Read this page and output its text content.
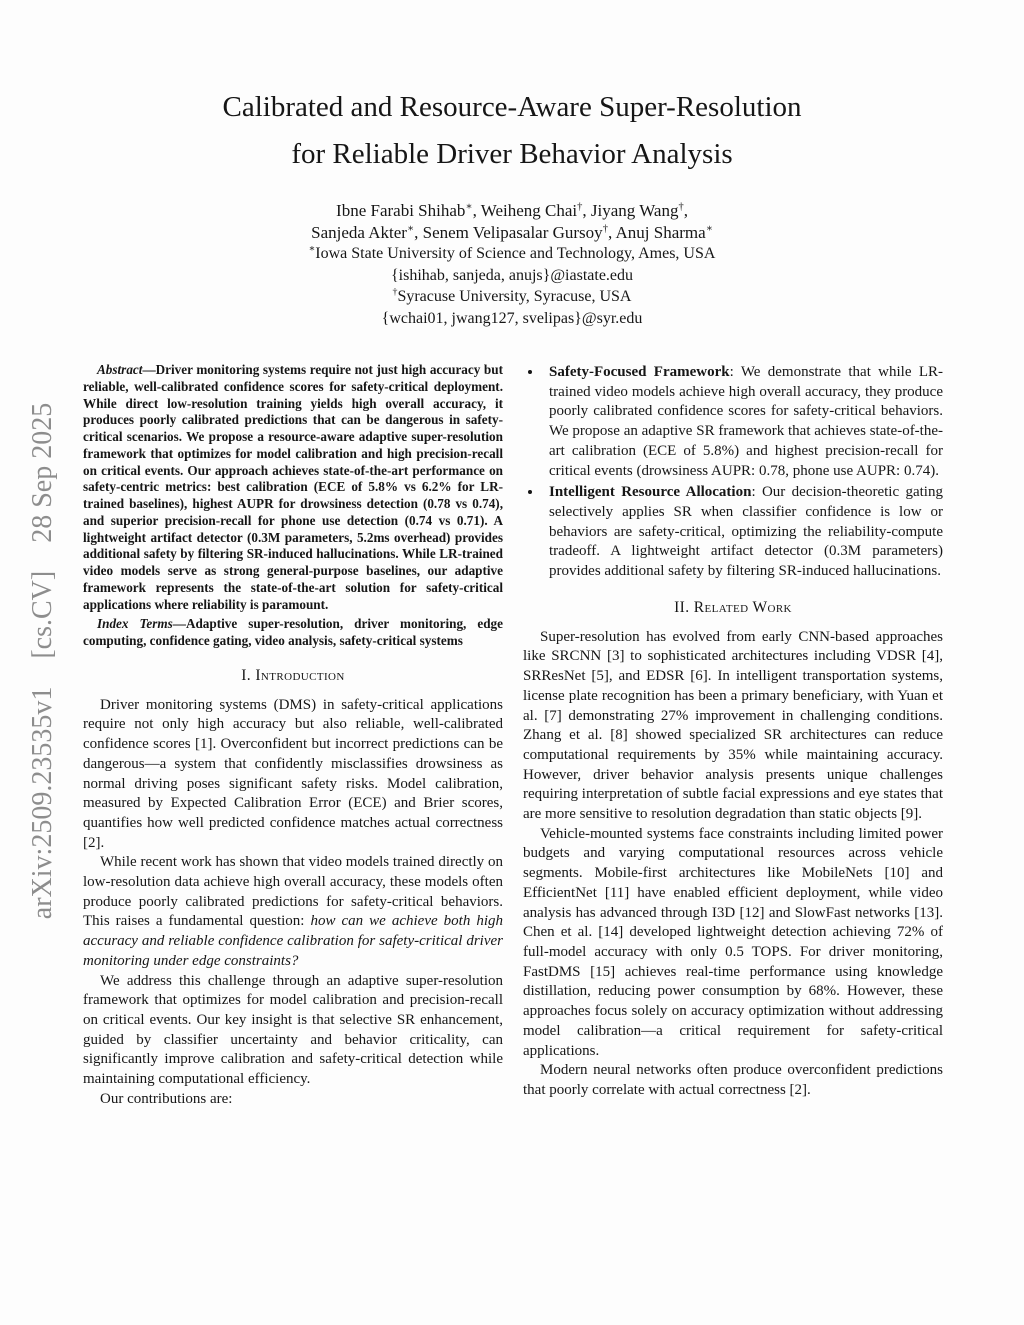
arXiv:2509.23535v1  [cs.CV]  28 Sep 2025
Calibrated and Resource-Aware Super-Resolution
for Reliable Driver Behavior Analysis
Ibne Farabi Shihab∗, Weiheng Chai†, Jiyang Wang†,
Sanjeda Akter∗, Senem Velipasalar Gursoy†, Anuj Sharma∗
∗Iowa State University of Science and Technology, Ames, USA
{ishihab, sanjeda, anujs}@iastate.edu
†Syracuse University, Syracuse, USA
{wchai01, jwang127, svelipas}@syr.edu

Abstract—Driver monitoring systems require not just high accuracy but reliable, well-calibrated confidence scores for safety-critical deployment. While direct low-resolution training yields high overall accuracy, it produces poorly calibrated predictions that can be dangerous in safety-critical scenarios. We propose a resource-aware adaptive super-resolution framework that optimizes for model calibration and high precision-recall on critical events. Our approach achieves state-of-the-art performance on safety-centric metrics: best calibration (ECE of 5.8% vs 6.2% for LR-trained baselines), highest AUPR for drowsiness detection (0.78 vs 0.74), and superior precision-recall for phone use detection (0.74 vs 0.71). A lightweight artifact detector (0.3M parameters, 5.2ms overhead) provides additional safety by filtering SR-induced hallucinations. While LR-trained video models serve as strong general-purpose baselines, our adaptive framework represents the state-of-the-art solution for safety-critical applications where reliability is paramount.

Index Terms—Adaptive super-resolution, driver monitoring, edge computing, confidence gating, video analysis, safety-critical systems

I. Introduction

Driver monitoring systems (DMS) in safety-critical applications require not only high accuracy but also reliable, well-calibrated confidence scores [1]. Overconfident but incorrect predictions can be dangerous—a system that confidently misclassifies drowsiness as normal driving poses significant safety risks. Model calibration, measured by Expected Calibration Error (ECE) and Brier scores, quantifies how well predicted confidence matches actual correctness [2].

While recent work has shown that video models trained directly on low-resolution data achieve high overall accuracy, these models often produce poorly calibrated predictions for safety-critical behaviors. This raises a fundamental question: how can we achieve both high accuracy and reliable confidence calibration for safety-critical driver monitoring under edge constraints?

We address this challenge through an adaptive super-resolution framework that optimizes for model calibration and precision-recall on critical events. Our key insight is that selective SR enhancement, guided by classifier uncertainty and behavior criticality, can significantly improve calibration and safety-critical detection while maintaining computational efficiency.

Our contributions are:

• Safety-Focused Framework: We demonstrate that while LR-trained video models achieve high overall accuracy, they produce poorly calibrated confidence scores for safety-critical behaviors. We propose an adaptive SR framework that achieves state-of-the-art calibration (ECE of 5.8%) and highest precision-recall for critical events (drowsiness AUPR: 0.78, phone use AUPR: 0.74).
• Intelligent Resource Allocation: Our decision-theoretic gating selectively applies SR when classifier confidence is low or behaviors are safety-critical, optimizing the reliability-compute tradeoff. A lightweight artifact detector (0.3M parameters) provides additional safety by filtering SR-induced hallucinations.
II. Related Work

Super-resolution has evolved from early CNN-based approaches like SRCNN [3] to sophisticated architectures including VDSR [4], SRResNet [5], and EDSR [6]. In intelligent transportation systems, license plate recognition has been a primary beneficiary, with Yuan et al. [7] demonstrating 27% improvement in challenging conditions. Zhang et al. [8] showed specialized SR architectures can reduce computational requirements by 35% while maintaining accuracy. However, driver behavior analysis presents unique challenges requiring interpretation of subtle facial expressions and eye states that are more sensitive to resolution degradation than static objects [9].

Vehicle-mounted systems face constraints including limited power budgets and varying computational resources across vehicle segments. Mobile-first architectures like MobileNets [10] and EfficientNet [11] have enabled efficient deployment, while video analysis has advanced through I3D [12] and SlowFast networks [13]. Chen et al. [14] developed lightweight detection achieving 72% of full-model accuracy with only 0.5 TOPS. For driver monitoring, FastDMS [15] achieves real-time performance using knowledge distillation, reducing power consumption by 68%. However, these approaches focus solely on accuracy optimization without addressing model calibration—a critical requirement for safety-critical applications.

Modern neural networks often produce overconfident predictions that poorly correlate with actual correctness [2].
